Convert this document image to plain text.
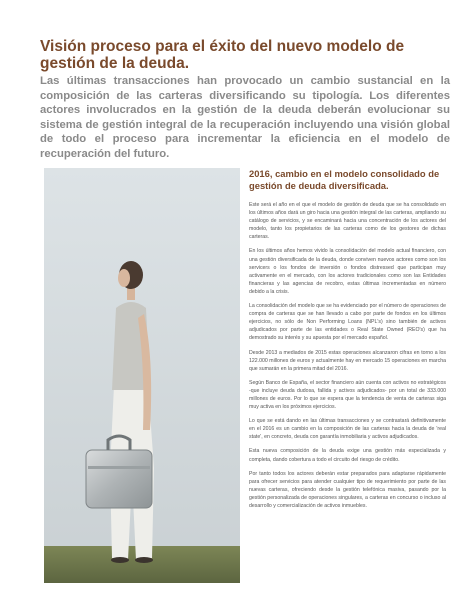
Visión proceso para el éxito del nuevo modelo de gestión de la deuda.

Las últimas transacciones han provocado un cambio sustancial en la composición de las carteras diversificando su tipología. Los diferentes actores involucrados en la gestión de la deuda deberán evolucionar su sistema de gestión integral de la recuperación incluyendo una visión global de todo el proceso para incrementar la eficiencia en el modelo de recuperación del futuro.

2016, cambio en el modelo consolidado de gestión de deuda diversificada.

Este será el año en el que el modelo de gestión de deuda que se ha consolidado en los últimos años dará un giro hacia una gestión integral de las carteras, ampliando su catálogo de servicios, y se encaminará hacia una concentración de los actores del modelo, tanto los propietarios de las carteras como de los gestores de dichas carteras.

En los últimos años hemos vivido la consolidación del modelo actual financiero, con una gestión diversificada de la deuda, donde conviven nuevos actores como son los servicers o los fondos de inversión o fondos distressed que participan muy activamente en el mercado, con los actores tradicionales como son las Entidades financieras y las agencias de recobro, estas últimas incrementadas en número debido a la crisis.

La consolidación del modelo que se ha evidenciado por el número de operaciones de compra de carteras que se han llevado a cabo por parte de fondos en los últimos ejercicios, no sólo de Non Performing Loans (NPL's) sino también de activos adjudicados por parte de las entidades o Real State Owned (REO's) que ha demostrado su interés y su apuesta por el mercado español.

Desde 2013 a mediados de 2015 estas operaciones alcanzaron cifras en torno a los 122.000 millones de euros y actualmente hay en mercado 15 operaciones en marcha que sumarán en la primera mitad del 2016.

Según Banco de España, el sector financiero aún cuenta con activos no estratégicos -que incluye deuda dudosa, fallida y activos adjudicados- por un total de 333.000 millones de euros. Por lo que se espera que la tendencia de venta de carteras siga muy activa en los próximos ejercicios.

Lo que se está dando en las últimas transacciones y se contrastará definitivamente en el 2016 es un cambio en la composición de las carteras hacia la deuda de 'real state', en concreto, deuda con garantía inmobiliaria y activos adjudicados.

Esta nueva composición de la deuda exige una gestión más especializada y completa, dando cobertura a todo el circuito del riesgo de crédito.

Por tanto todos los actores deberán estar preparados para adaptarse rápidamente para ofrecer servicios para atender cualquier tipo de requerimiento por parte de las nuevas carteras, ofreciendo desde la gestión telefónica masiva, pasando por la gestión personalizada de operaciones singulares, a carteras en concurso o incluso al desarrollo y comercialización de activos inmuebles.
